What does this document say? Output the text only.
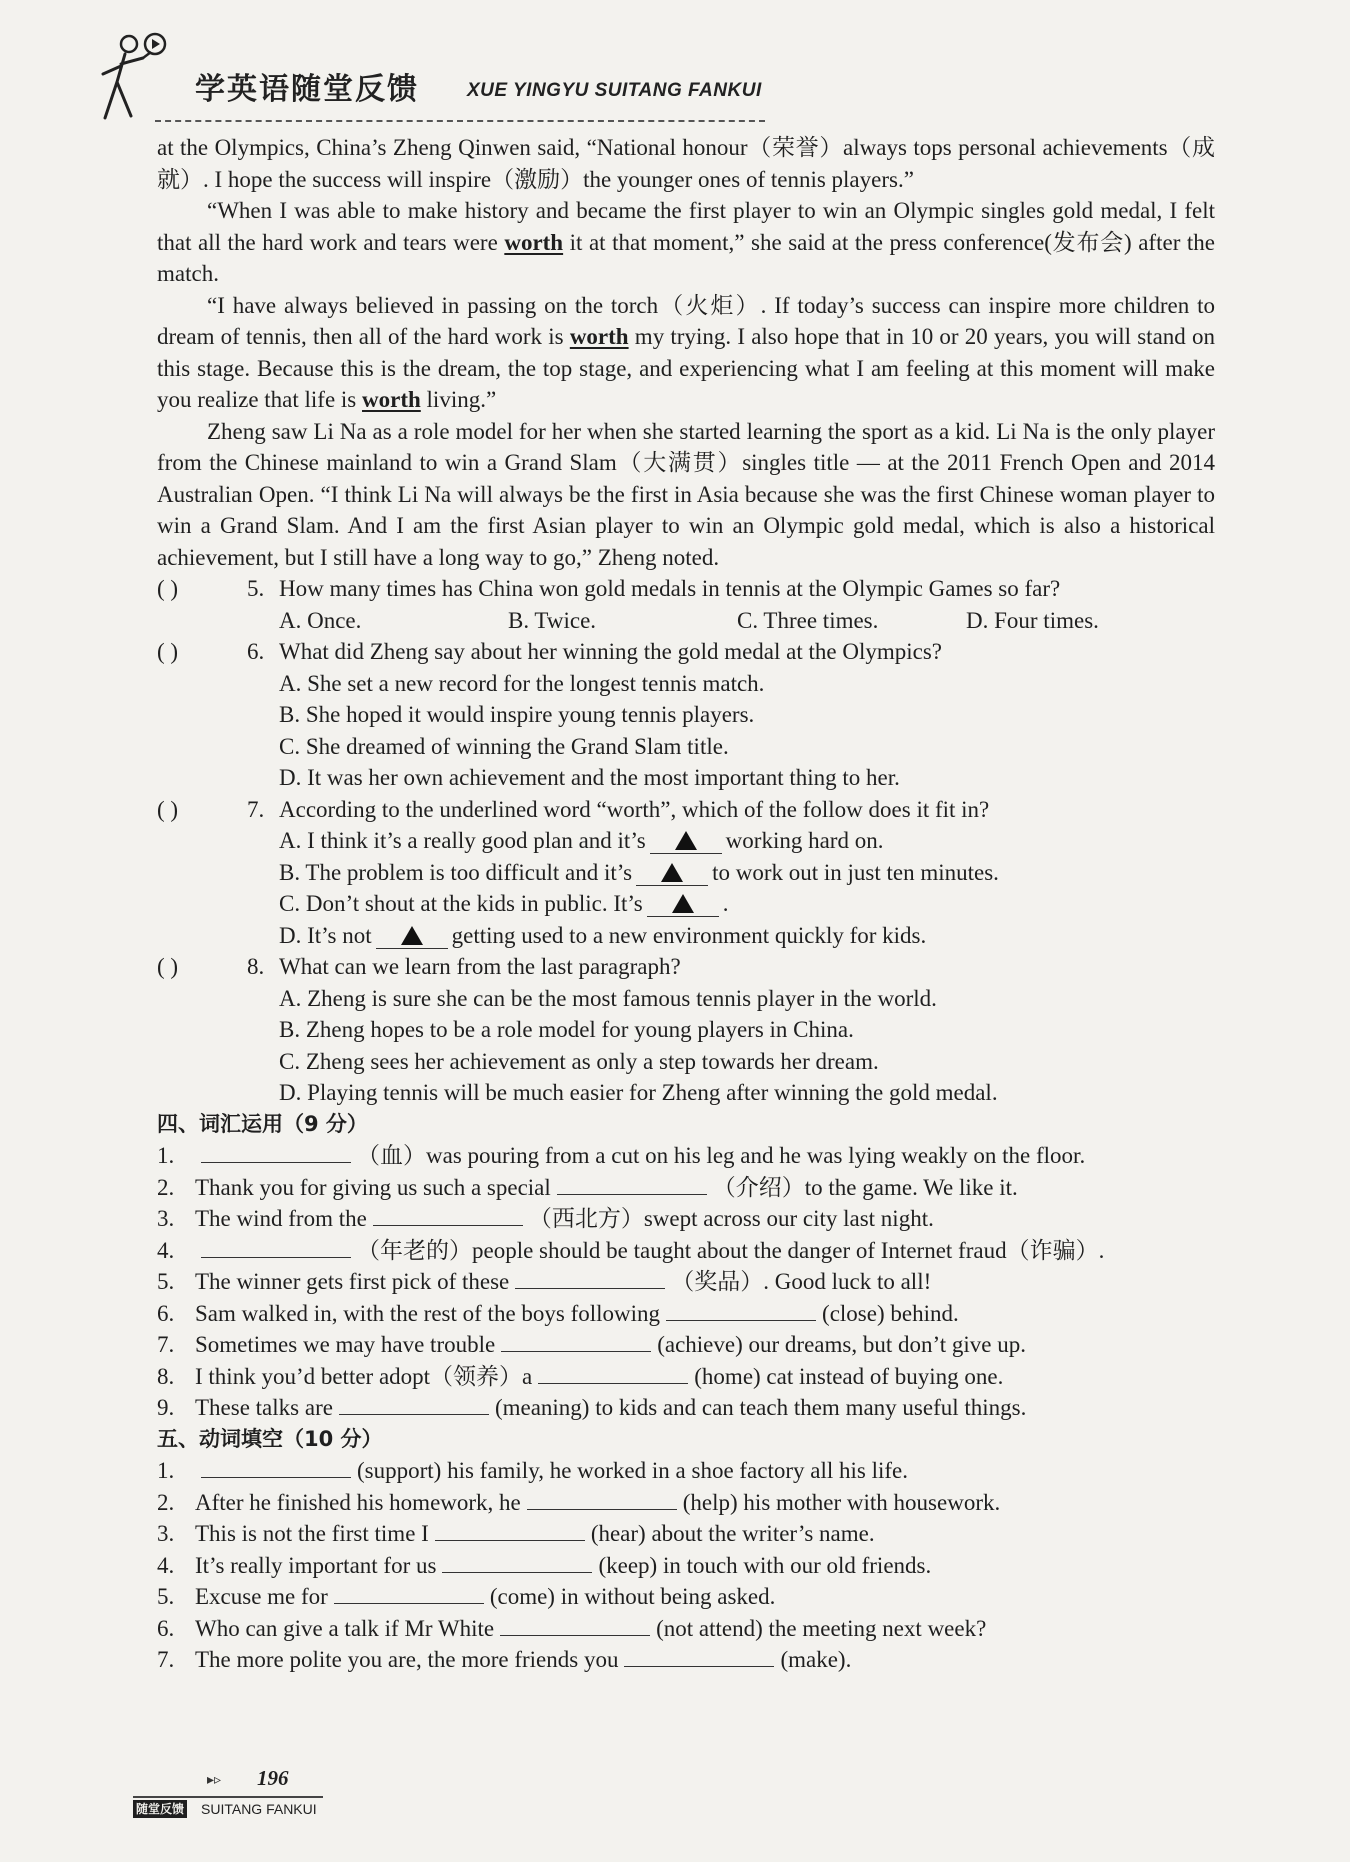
学英语随堂反馈	XUE YINGYU SUITANG FANKUI

at the Olympics, China’s Zheng Qinwen said, “National honour（荣誉）always tops personal achievements（成就）. I hope the success will inspire（激励）the younger ones of tennis players.”

“When I was able to make history and became the first player to win an Olympic singles gold medal, I felt that all the hard work and tears were worth it at that moment,” she said at the press conference(发布会) after the match.

“I have always believed in passing on the torch（火炬）. If today’s success can inspire more children to dream of tennis, then all of the hard work is worth my trying. I also hope that in 10 or 20 years, you will stand on this stage. Because this is the dream, the top stage, and experiencing what I am feeling at this moment will make you realize that life is worth living.”

Zheng saw Li Na as a role model for her when she started learning the sport as a kid. Li Na is the only player from the Chinese mainland to win a Grand Slam（大满贯）singles title — at the 2011 French Open and 2014 Australian Open. “I think Li Na will always be the first in Asia because she was the first Chinese woman player to win a Grand Slam. And I am the first Asian player to win an Olympic gold medal, which is also a historical achievement, but I still have a long way to go,” Zheng noted.

( )	5. How many times has China won gold medals in tennis at the Olympic Games so far?
A. Once.	B. Twice.	C. Three times.	D. Four times.
( )	6. What did Zheng say about her winning the gold medal at the Olympics?
A. She set a new record for the longest tennis match.
B. She hoped it would inspire young tennis players.
C. She dreamed of winning the Grand Slam title.
D. It was her own achievement and the most important thing to her.
( )	7. According to the underlined word “worth”, which of the follow does it fit in?
A. I think it’s a really good plan and it’s	working hard on.
B. The problem is too difficult and it’s	to work out in just ten minutes.
C. Don’t shout at the kids in public. It’s	.
D. It’s not	getting used to a new environment quickly for kids.
( )	8. What can we learn from the last paragraph?
A. Zheng is sure she can be the most famous tennis player in the world.
B. Zheng hopes to be a role model for young players in China.
C. Zheng sees her achievement as only a step towards her dream.
D. Playing tennis will be much easier for Zheng after winning the gold medal.
四、词汇运用（9 分）
1.	（血）was pouring from a cut on his leg and he was lying weakly on the floor.
2. Thank you for giving us such a special	（介绍）to the game. We like it.
3. The wind from the	（西北方）swept across our city last night.
4.	（年老的）people should be taught about the danger of Internet fraud（诈骗）.
5. The winner gets first pick of these	（奖品）. Good luck to all!
6. Sam walked in, with the rest of the boys following	(close) behind.
7. Sometimes we may have trouble	(achieve) our dreams, but don’t give up.
8. I think you’d better adopt（领养）a	(home) cat instead of buying one.
9. These talks are	(meaning) to kids and can teach them many useful things.
五、动词填空（10 分）
1.	(support) his family, he worked in a shoe factory all his life.
2. After he finished his homework, he	(help) his mother with housework.
3. This is not the first time I	(hear) about the writer’s name.
4. It’s really important for us	(keep) in touch with our old friends.
5. Excuse me for	(come) in without being asked.
6. Who can give a talk if Mr White	(not attend) the meeting next week?
7. The more polite you are, the more friends you	(make).
▸▹ 196
随堂反馈 SUITANG FANKUI
